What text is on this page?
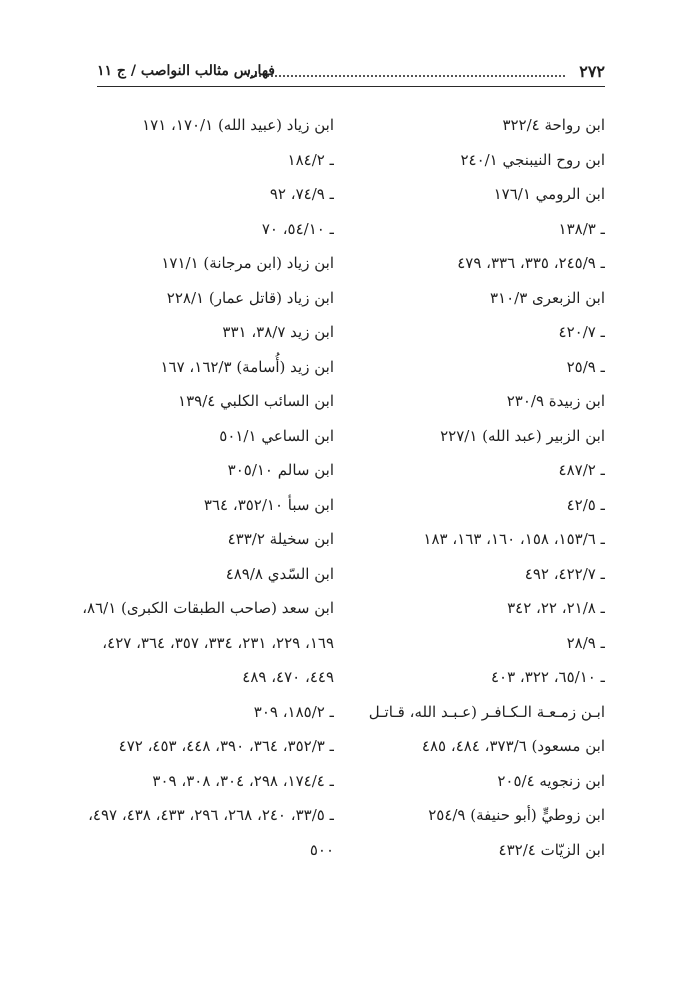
٢٧٢
فهارس مثالب النواصب / ج ١١
ابن رواحة ٣٢٢/٤
ابن روح النيبنجي ٢٤٠/١
ابن الرومي ١٧٦/١
ـ ١٣٨/٣
ـ ٢٤٥/٩، ٣٣٥، ٣٣٦، ٤٧٩
ابن الزبعرى ٣١٠/٣
ـ ٤٢٠/٧
ـ ٢٥/٩
ابن زبيدة ٢٣٠/٩
ابن الزبير (عبد الله) ٢٢٧/١
ـ ٤٨٧/٢
ـ ٤٢/٥
ـ ١٥٣/٦، ١٥٨، ١٦٠، ١٦٣، ١٨٣
ـ ٤٢٢/٧، ٤٩٢
ـ ٢١/٨، ٢٢، ٣٤٢
ـ ٢٨/٩
ـ ٦٥/١٠، ٣٢٢، ٤٠٣
ابـن زمـعـة الـكـافـر (عـبـد الله، قـاتـل
ابن مسعود) ٣٧٣/٦، ٤٨٤، ٤٨٥
ابن زنجويه ٢٠٥/٤
ابن زوطيٍّ (أبو حنيفة) ٢٥٤/٩
ابن الزيّات ٤٣٢/٤
ابن زياد (عبيد الله) ١٧٠/١، ١٧١
ـ ١٨٤/٢
ـ ٧٤/٩، ٩٢
ـ ٥٤/١٠، ٧٠
ابن زياد (ابن مرجانة) ١٧١/١
ابن زياد (قاتل عمار) ٢٢٨/١
ابن زيد ٣٨/٧، ٣٣١
ابن زيد (أُسامة) ١٦٢/٣، ١٦٧
ابن السائب الكلبي ١٣٩/٤
ابن الساعي ٥٠١/١
ابن سالم ٣٠٥/١٠
ابن سبأ ٣٥٢/١٠، ٣٦٤
ابن سخيلة ٤٣٣/٢
ابن السّدي ٤٨٩/٨
ابن سعد (صاحب الطبقات الكبرى) ٨٦/١،
١٦٩، ٢٢٩، ٢٣١، ٣٣٤، ٣٥٧، ٣٦٤، ٤٢٧،
٤٤٩، ٤٧٠، ٤٨٩
ـ ١٨٥/٢، ٣٠٩
ـ ٣٥٢/٣، ٣٦٤، ٣٩٠، ٤٤٨، ٤٥٣، ٤٧٢
ـ ١٧٤/٤، ٢٩٨، ٣٠٤، ٣٠٨، ٣٠٩
ـ ٣٣/٥، ٢٤٠، ٢٦٨، ٢٩٦، ٤٣٣، ٤٣٨، ٤٩٧،
٥٠٠
